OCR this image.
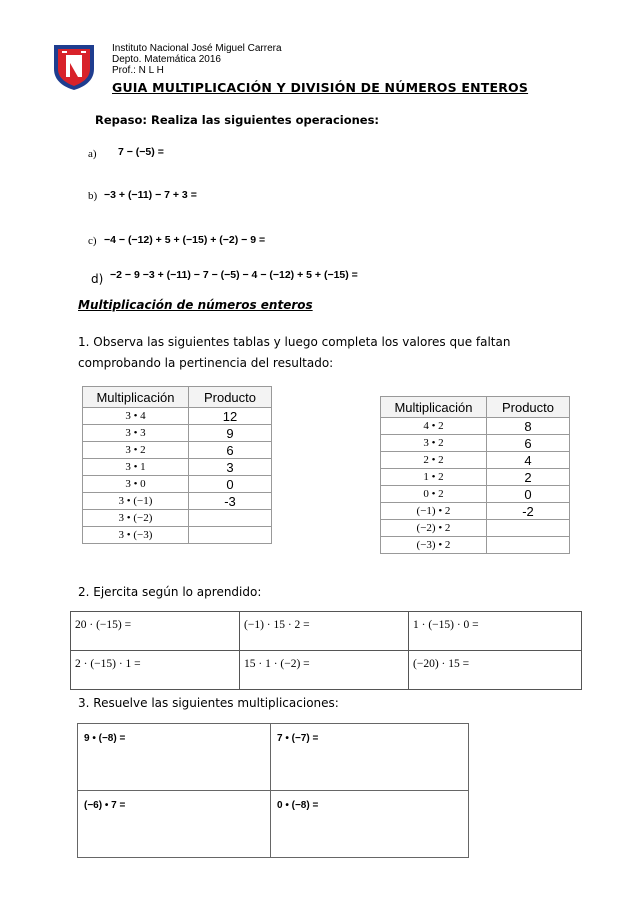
Instituto Nacional José Miguel Carrera
Depto. Matemática 2016
Prof.: N L H
GUIA MULTIPLICACIÓN Y DIVISIÓN DE NÚMEROS ENTEROS
Repaso: Realiza las siguientes operaciones:
a) 7 − (−5) =
b) −3 + (−11) − 7 + 3 =
c) −4 − (−12) + 5 + (−15) + (−2) − 9 =
d) −2 − 9 −3 + (−11) − 7 − (−5) − 4 − (−12) + 5 + (−15) =
Multiplicación de números enteros
1. Observa las siguientes tablas y luego completa los valores que faltan
comprobando la pertinencia del resultado:
Multiplicación	Producto
3 • 4	12
3 • 3	9
3 • 2	6
3 • 1	3
3 • 0	0
3 • (−1)	-3
3 • (−2)	
3 • (−3)	
Multiplicación	Producto
4 • 2	8
3 • 2	6
2 • 2	4
1 • 2	2
0 • 2	0
(−1) • 2	-2
(−2) • 2	
(−3) • 2	
2. Ejercita según lo aprendido:
20 · (−15) =	(−1) · 15 · 2 =	1 · (−15) · 0 =
2 · (−15) · 1 =	15 · 1 · (−2) =	(−20) · 15 =
3. Resuelve las siguientes multiplicaciones:
9 • (−8) =	7 • (−7) =
(−6) • 7 =	0 • (−8) =
